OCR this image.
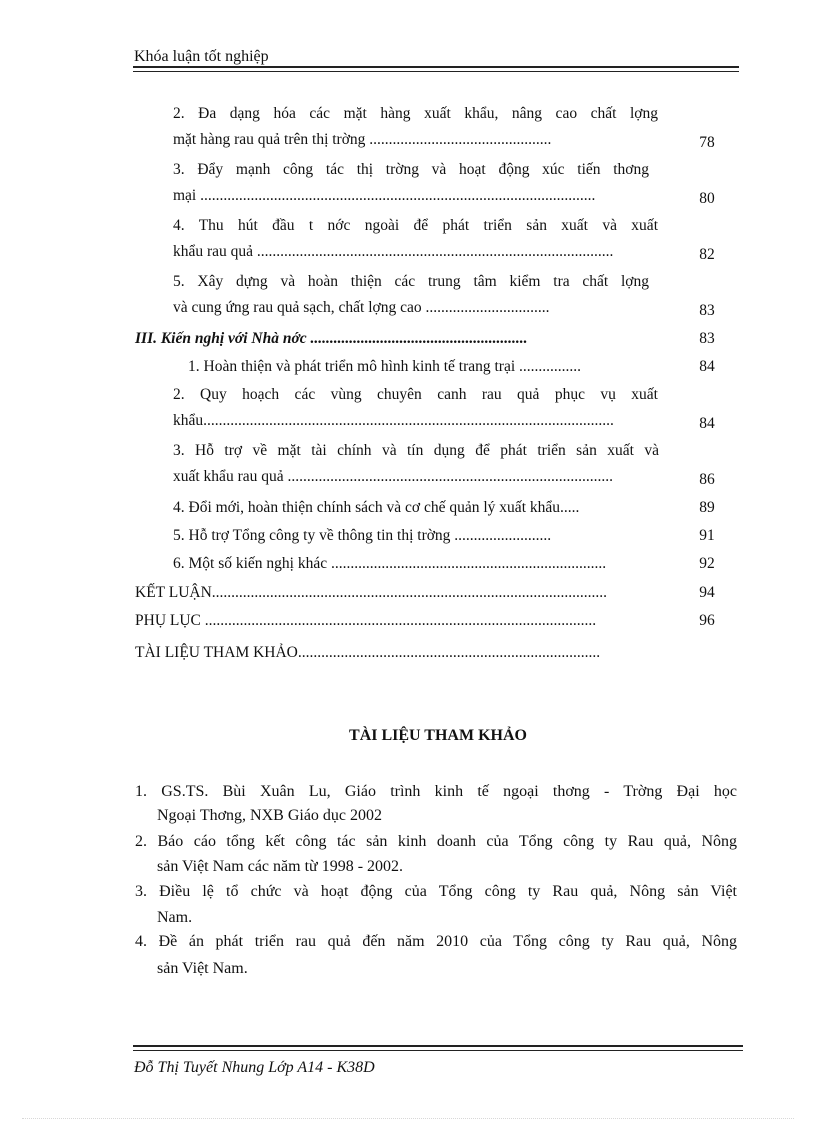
Khóa luận tốt nghiệp
2. Đa dạng hóa các mặt hàng xuất khẩu, nâng cao chất lợng
mặt hàng rau quả trên thị trờng ...............................................	78
3. Đẩy mạnh công tác thị trờng và hoạt động xúc tiến thơng
mại ......................................................................................................	80
4. Thu hút đầu t nớc ngoài để phát triển sản xuất và xuất
khẩu rau quả ............................................................................................	82
5. Xây dựng và hoàn thiện các trung tâm kiểm tra chất lợng
và cung ứng rau quả sạch, chất lợng cao ................................	83
III. Kiến nghị với Nhà nớc ........................................................	83
1. Hoàn thiện và phát triển mô hình kinh tế trang trại ................	84
2. Quy hoạch các vùng chuyên canh rau quả phục vụ xuất
khẩu..........................................................................................................	84
3. Hỗ trợ về mặt tài chính và tín dụng để phát triển sản xuất và
xuất khẩu rau quả ....................................................................................	86
4. Đổi mới, hoàn thiện chính sách và cơ chế quản lý xuất khẩu.....	89
5. Hỗ trợ Tổng công ty về thông tin thị trờng .........................	91
6. Một số kiến nghị khác .......................................................................	92
KẾT LUẬN......................................................................................................	94
PHỤ LỤC .....................................................................................................	96
TÀI LIỆU THAM KHẢO..............................................................................
TÀI LIỆU THAM KHẢO
1. GS.TS. Bùi Xuân Lu, Giáo trình kinh tế ngoại thơng - Trờng Đại học
Ngoại Thơng, NXB Giáo dục 2002
2. Báo cáo tổng kết công tác sản kinh doanh của Tổng công ty Rau quả, Nông
sản Việt Nam các năm từ 1998 - 2002.
3. Điều lệ tổ chức và hoạt động của Tổng công ty Rau quả, Nông sản Việt
Nam.
4. Đề án phát triển rau quả đến năm 2010 của Tổng công ty Rau quả, Nông
sản Việt Nam.
Đỗ Thị Tuyết Nhung Lớp A14 - K38D
